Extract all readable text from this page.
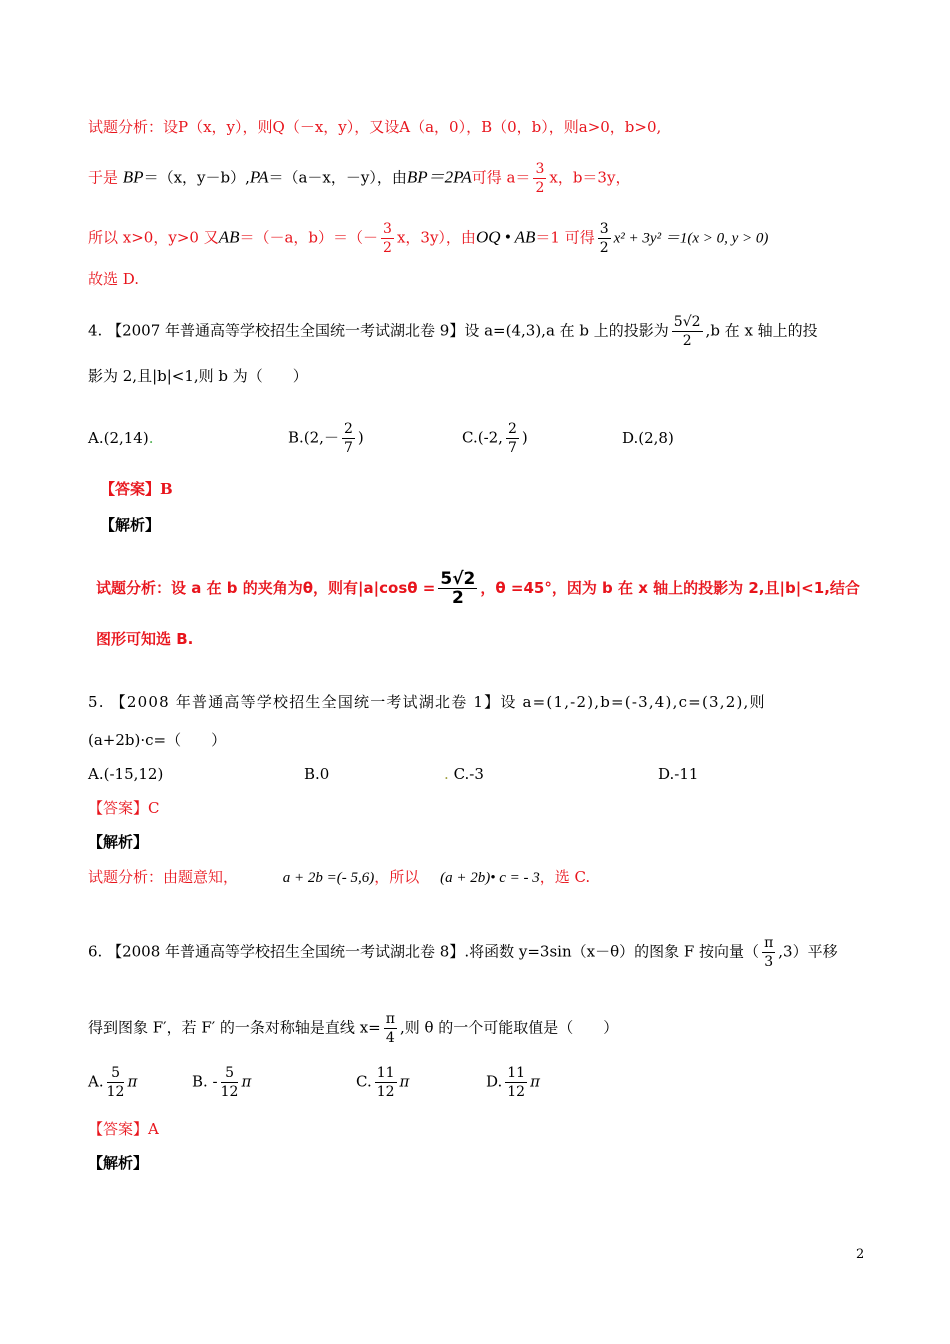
试题分析：设P（x，y），则Q（－x，y），又设A（a，0），B（0，b），则a>0，b>0,
于是 BP＝（x，y－b）,PA＝（a－x，－y），由BP＝2PA可得 $a= \frac{3}{2}$ x，b＝3y，
所以 x>0，y>0 又AB＝（－a，$b)=(- \frac{3}{2}$ x，3y），由OQ • AB＝1 可得 $\frac{3}{2} x^2 + 3y^2 =1(x > 0$, y > 0)
故选 D.
4. 【2007 年普通高等学校招生全国统一考试湖北卷 9】设 a=(4,3),a 在 b 上的投影为 $\frac{5√2}{2} ,b$ 在 x 轴上的投
影为 2,且|b|<1,则 b 为（　　）
A.(2,14).	$B.(2,- \frac{2}{7}$ )	C.(-2, $\frac{2}{7}$ )	D.(2,8)
【答案】B
【解析】
试题分析：设 a 在 b 的夹角为θ，则有$|a|\cos\theta = \frac{5√2}{2}$ ，θ =45°，因为 b 在 x 轴上的投影为 2,且|b|<1,结合
图形可知选 B.
5. 【2008 年普通高等学校招生全国统一考试湖北卷 1】设 a=(1,-2),b=(-3,4),c=(3,2),则
(a+2b)·c=（　　）
A.(-15,12)	B.0	. C.-3	D.-11
【答案】C
【解析】
试题分析：由题意知，	a + 2b =(- 5,6)，所以 (a + 2b)• c = - 3，选 C.
6. 【2008 年普通高等学校招生全国统一考试湖北卷 8】.将函数 y=3sin（x－θ）的图象 F 按向量（ $\frac{\pi}{3} ,3$）平移
得到图象 F′，若 F′ 的一条对称轴是直线 $x= \frac{\pi}{4}$ ,则 θ 的一个可能取值是（　　）
A. $\frac{5}{12}$ π	B. - $\frac{5}{12}$ π	C. $\frac{11}{12}$ π	D. $\frac{11}{12}$ π
【答案】A
【解析】
2
